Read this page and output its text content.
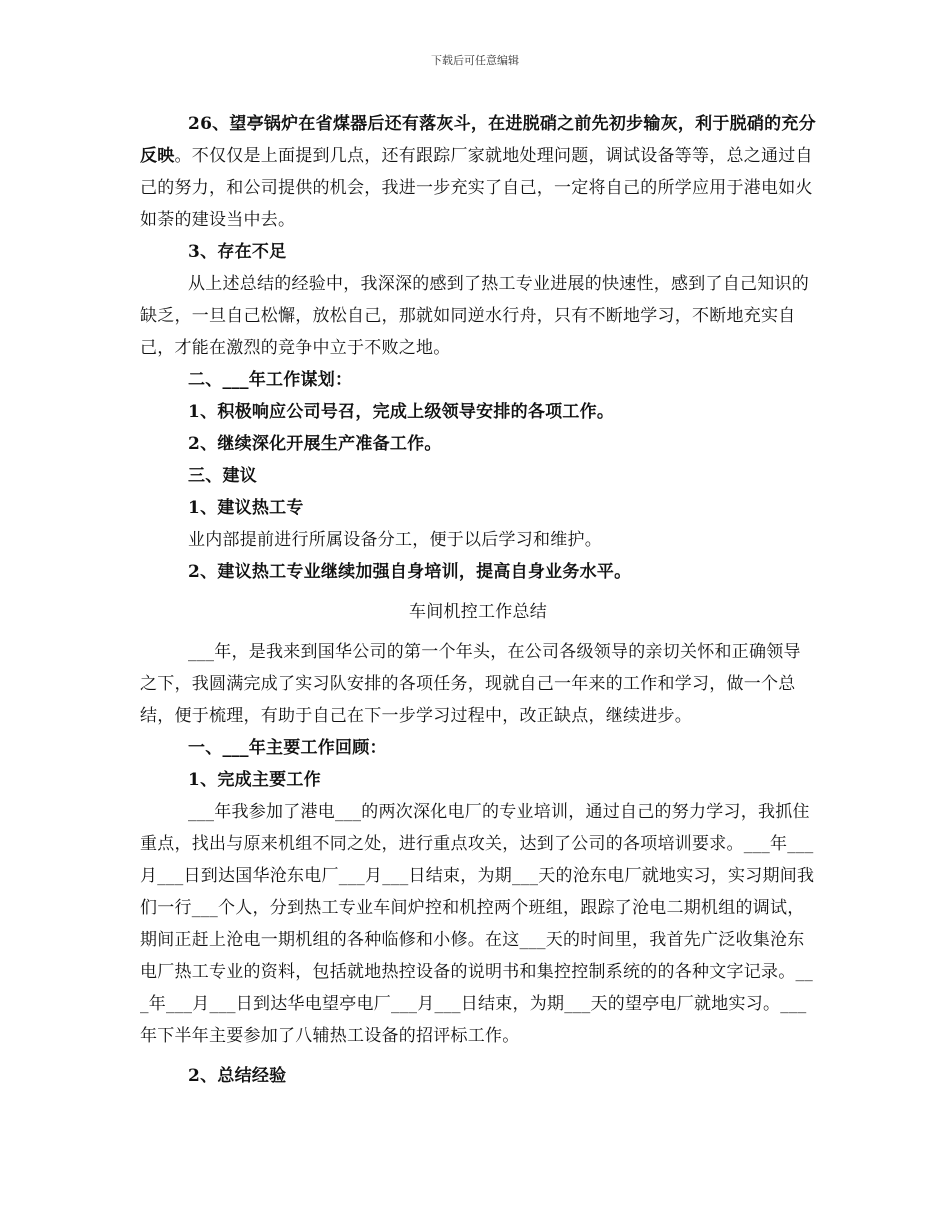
下载后可任意编辑

26、望亭锅炉在省煤器后还有落灰斗，在进脱硝之前先初步输灰，利于脱硝的充分反映。不仅仅是上面提到几点，还有跟踪厂家就地处理问题，调试设备等等，总之通过自己的努力，和公司提供的机会，我进一步充实了自己，一定将自己的所学应用于港电如火如荼的建设当中去。

3、存在不足

从上述总结的经验中，我深深的感到了热工专业进展的快速性，感到了自己知识的缺乏，一旦自己松懈，放松自己，那就如同逆水行舟，只有不断地学习，不断地充实自己，才能在激烈的竞争中立于不败之地。

二、___年工作谋划：

1、积极响应公司号召，完成上级领导安排的各项工作。

2、继续深化开展生产准备工作。

三、建议

1、建议热工专

业内部提前进行所属设备分工，便于以后学习和维护。

2、建议热工专业继续加强自身培训，提高自身业务水平。

车间机控工作总结

___年，是我来到国华公司的第一个年头，在公司各级领导的亲切关怀和正确领导之下，我圆满完成了实习队安排的各项任务，现就自己一年来的工作和学习，做一个总结，便于梳理，有助于自己在下一步学习过程中，改正缺点，继续进步。

一、___年主要工作回顾：

1、完成主要工作

___年我参加了港电___的两次深化电厂的专业培训，通过自己的努力学习，我抓住重点，找出与原来机组不同之处，进行重点攻关，达到了公司的各项培训要求。___年___月___日到达国华沧东电厂___月___日结束，为期___天的沧东电厂就地实习，实习期间我们一行___个人，分到热工专业车间炉控和机控两个班组，跟踪了沧电二期机组的调试，期间正赶上沧电一期机组的各种临修和小修。在这___天的时间里，我首先广泛收集沧东电厂热工专业的资料，包括就地热控设备的说明书和集控控制系统的的各种文字记录。___年___月___日到达华电望亭电厂___月___日结束，为期___天的望亭电厂就地实习。___年下半年主要参加了八辅热工设备的招评标工作。

2、总结经验
